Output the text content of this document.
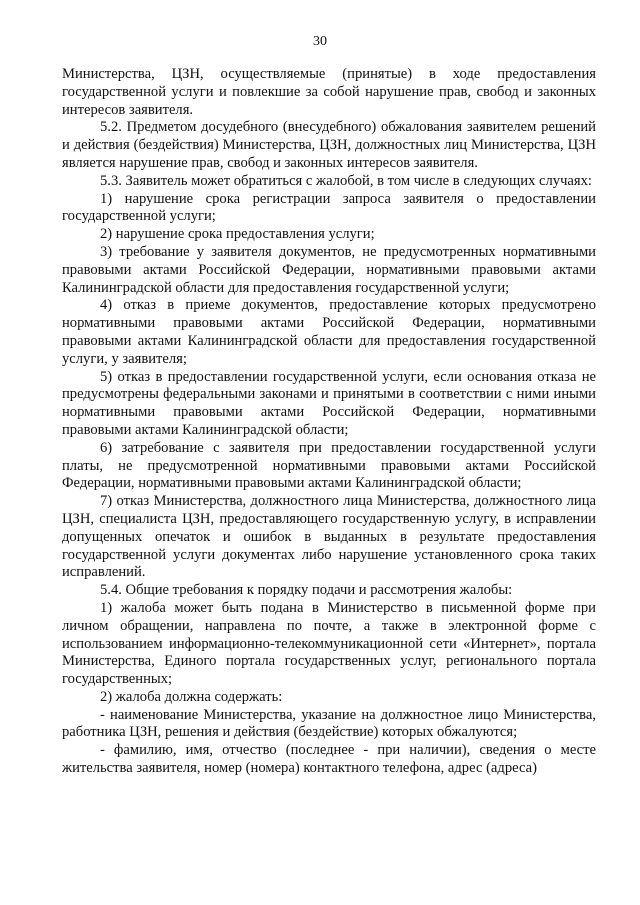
30

Министерства, ЦЗН, осуществляемые (принятые) в ходе предоставления государственной услуги и повлекшие за собой нарушение прав, свобод и законных интересов заявителя.

5.2. Предметом досудебного (внесудебного) обжалования заявителем решений и действия (бездействия) Министерства, ЦЗН, должностных лиц Министерства, ЦЗН является нарушение прав, свобод и законных интересов заявителя.

5.3. Заявитель может обратиться с жалобой, в том числе в следующих случаях:

1) нарушение срока регистрации запроса заявителя о предоставлении государственной услуги;

2) нарушение срока предоставления услуги;

3) требование у заявителя документов, не предусмотренных нормативными правовыми актами Российской Федерации, нормативными правовыми актами Калининградской области для предоставления государственной услуги;

4) отказ в приеме документов, предоставление которых предусмотрено нормативными правовыми актами Российской Федерации, нормативными правовыми актами Калининградской области для предоставления государственной услуги, у заявителя;

5) отказ в предоставлении государственной услуги, если основания отказа не предусмотрены федеральными законами и принятыми в соответствии с ними иными нормативными правовыми актами Российской Федерации, нормативными правовыми актами Калининградской области;

6) затребование с заявителя при предоставлении государственной услуги платы, не предусмотренной нормативными правовыми актами Российской Федерации, нормативными правовыми актами Калининградской области;

7) отказ Министерства, должностного лица Министерства, должностного лица ЦЗН, специалиста ЦЗН, предоставляющего государственную услугу, в исправлении допущенных опечаток и ошибок в выданных в результате предоставления государственной услуги документах либо нарушение установленного срока таких исправлений.

5.4. Общие требования к порядку подачи и рассмотрения жалобы:

1) жалоба может быть подана в Министерство в письменной форме при личном обращении, направлена по почте, а также в электронной форме с использованием информационно-телекоммуникационной сети «Интернет», портала Министерства, Единого портала государственных услуг, регионального портала государственных;

2) жалоба должна содержать:

- наименование Министерства, указание на должностное лицо Министерства, работника ЦЗН, решения и действия (бездействие) которых обжалуются;

- фамилию, имя, отчество (последнее - при наличии), сведения о месте жительства заявителя, номер (номера) контактного телефона, адрес (адреса)
